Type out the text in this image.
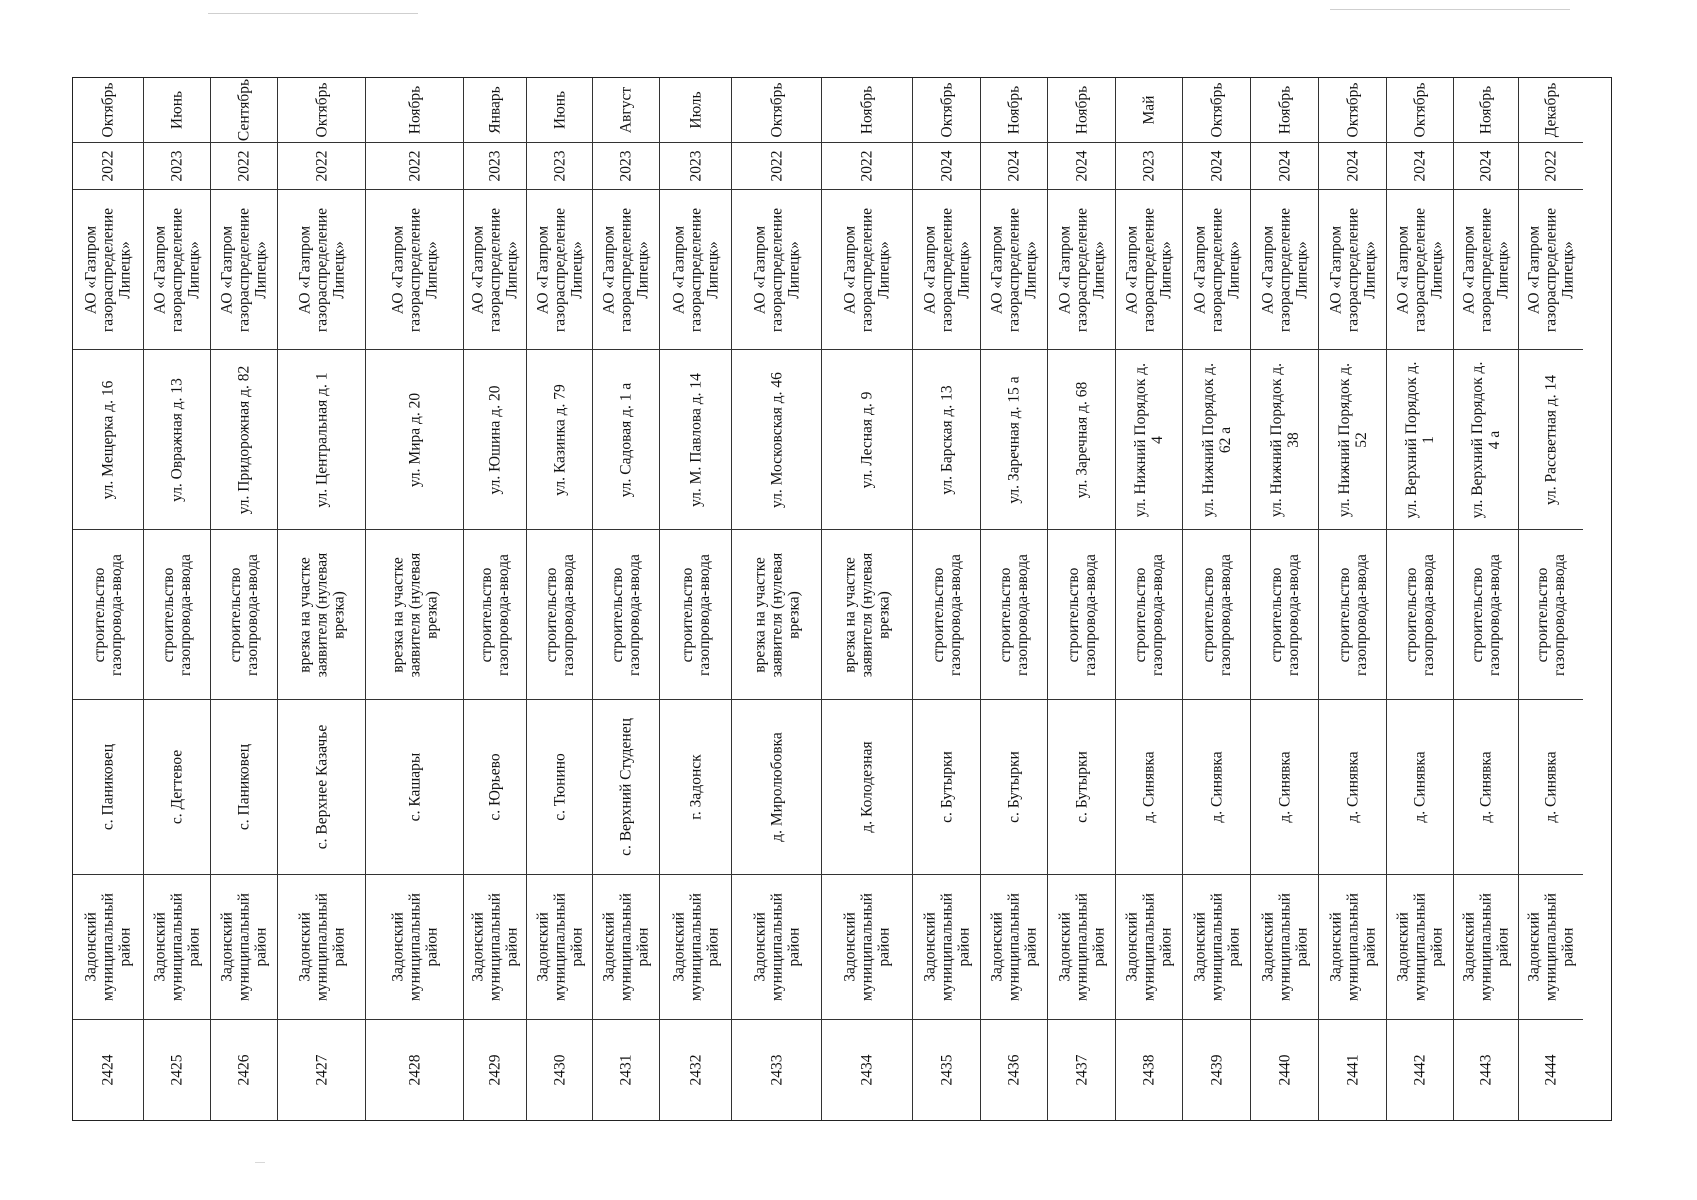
Октябрь
2022
АО «Газпром газораспределение Липецк»
ул. Мещерка д. 16
строительство газопровода-ввода
с. Паниковец
Задонский муниципальный район
2424
Июнь
2023
АО «Газпром газораспределение Липецк»
ул. Овражная д. 13
строительство газопровода-ввода
с. Дегтевое
Задонский муниципальный район
2425
Сентябрь
2022
АО «Газпром газораспределение Липецк»
ул. Придорожная д. 82
строительство газопровода-ввода
с. Паниковец
Задонский муниципальный район
2426
Октябрь
2022
АО «Газпром газораспределение Липецк»
ул. Центральная д. 1
врезка на участке заявителя (нулевая врезка)
с. Верхнее Казачье
Задонский муниципальный район
2427
Ноябрь
2022
АО «Газпром газораспределение Липецк»
ул. Мира д. 20
врезка на участке заявителя (нулевая врезка)
с. Кашары
Задонский муниципальный район
2428
Январь
2023
АО «Газпром газораспределение Липецк»
ул. Юшина д. 20
строительство газопровода-ввода
с. Юрьево
Задонский муниципальный район
2429
Июнь
2023
АО «Газпром газораспределение Липецк»
ул. Казинка д. 79
строительство газопровода-ввода
с. Тюнино
Задонский муниципальный район
2430
Август
2023
АО «Газпром газораспределение Липецк»
ул. Садовая д. 1 а
строительство газопровода-ввода
с. Верхний Студенец
Задонский муниципальный район
2431
Июль
2023
АО «Газпром газораспределение Липецк»
ул. М. Павлова д. 14
строительство газопровода-ввода
г. Задонск
Задонский муниципальный район
2432
Октябрь
2022
АО «Газпром газораспределение Липецк»
ул. Московская д. 46
врезка на участке заявителя (нулевая врезка)
д. Миролюбовка
Задонский муниципальный район
2433
Ноябрь
2022
АО «Газпром газораспределение Липецк»
ул. Лесная д. 9
врезка на участке заявителя (нулевая врезка)
д. Колодезная
Задонский муниципальный район
2434
Октябрь
2024
АО «Газпром газораспределение Липецк»
ул. Барская д. 13
строительство газопровода-ввода
с. Бутырки
Задонский муниципальный район
2435
Ноябрь
2024
АО «Газпром газораспределение Липецк»
ул. Заречная д. 15 а
строительство газопровода-ввода
с. Бутырки
Задонский муниципальный район
2436
Ноябрь
2024
АО «Газпром газораспределение Липецк»
ул. Заречная д. 68
строительство газопровода-ввода
с. Бутырки
Задонский муниципальный район
2437
Май
2023
АО «Газпром газораспределение Липецк»
ул. Нижний Порядок д. 4
строительство газопровода-ввода
д. Синявка
Задонский муниципальный район
2438
Октябрь
2024
АО «Газпром газораспределение Липецк»
ул. Нижний Порядок д. 62 а
строительство газопровода-ввода
д. Синявка
Задонский муниципальный район
2439
Ноябрь
2024
АО «Газпром газораспределение Липецк»
ул. Нижний Порядок д. 38
строительство газопровода-ввода
д. Синявка
Задонский муниципальный район
2440
Октябрь
2024
АО «Газпром газораспределение Липецк»
ул. Нижний Порядок д. 52
строительство газопровода-ввода
д. Синявка
Задонский муниципальный район
2441
Октябрь
2024
АО «Газпром газораспределение Липецк»
ул. Верхний Порядок д. 1
строительство газопровода-ввода
д. Синявка
Задонский муниципальный район
2442
Ноябрь
2024
АО «Газпром газораспределение Липецк»
ул. Верхний Порядок д. 4 а
строительство газопровода-ввода
д. Синявка
Задонский муниципальный район
2443
Декабрь
2022
АО «Газпром газораспределение Липецк»
ул. Рассветная д. 14
строительство газопровода-ввода
д. Синявка
Задонский муниципальный район
2444
